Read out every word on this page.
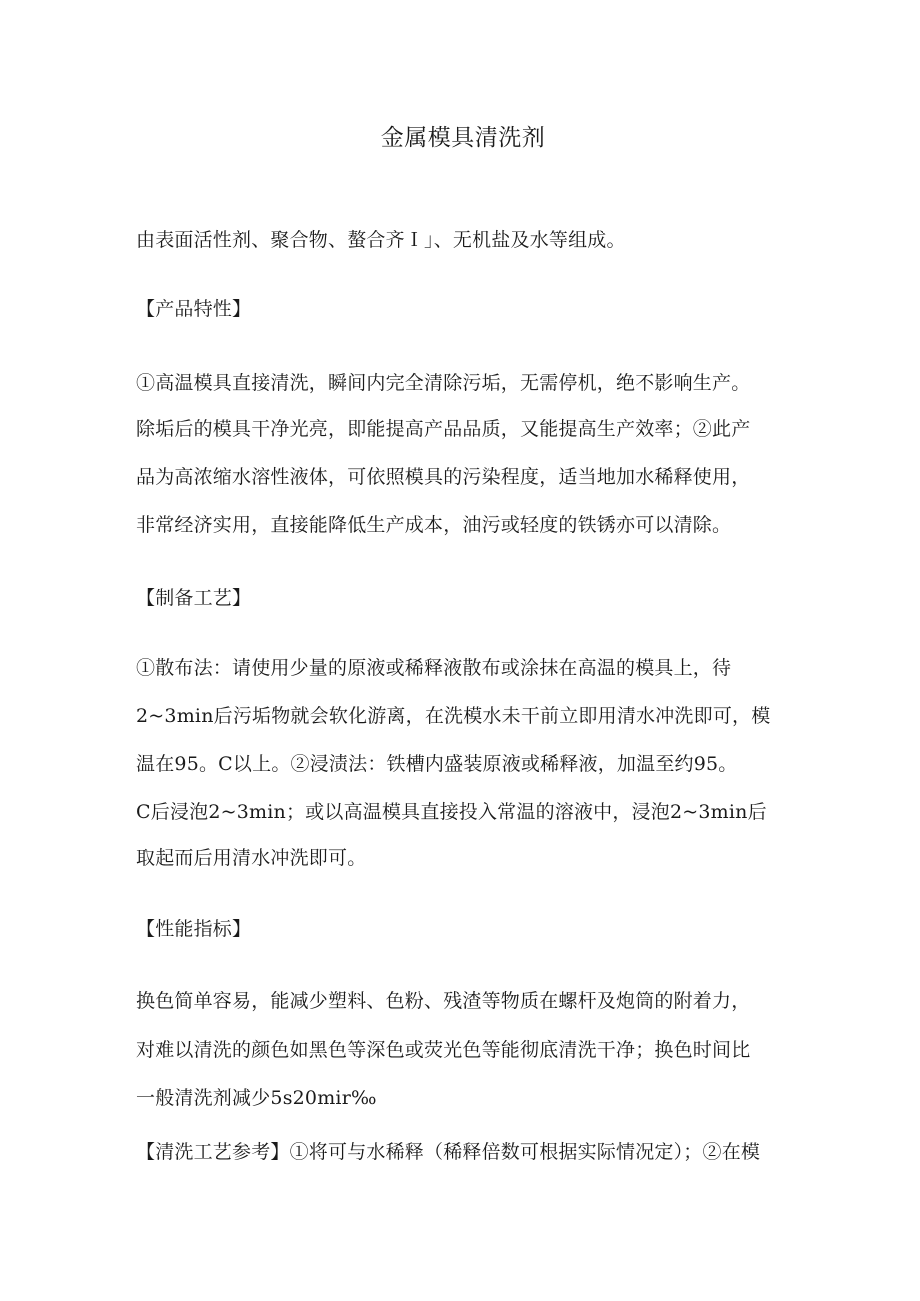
金属模具清洗剂
由表面活性剂、聚合物、螯合齐Ｉ」、无机盐及水等组成。
【产品特性】
①高温模具直接清洗，瞬间内完全清除污垢，无需停机，绝不影响生产。
除垢后的模具干净光亮，即能提高产品品质，又能提高生产效率；②此产
品为高浓缩水溶性液体，可依照模具的污染程度，适当地加水稀释使用，
非常经济实用，直接能降低生产成本，油污或轻度的铁锈亦可以清除。
【制备工艺】
①散布法：请使用少量的原液或稀释液散布或涂抹在高温的模具上，待
2~3min后污垢物就会软化游离，在洗模水未干前立即用清水冲洗即可，模
温在95。C以上。②浸渍法：铁槽内盛装原液或稀释液，加温至约95。
C后浸泡2~3min；或以高温模具直接投入常温的溶液中，浸泡2~3min后
取起而后用清水冲洗即可。
【性能指标】
换色简单容易，能减少塑料、色粉、残渣等物质在螺杆及炮筒的附着力，
对难以清洗的颜色如黑色等深色或荧光色等能彻底清洗干净；换色时间比
一般清洗剂减少5s20mir‰
【清洗工艺参考】①将可与水稀释（稀释倍数可根据实际情况定）；②在模
